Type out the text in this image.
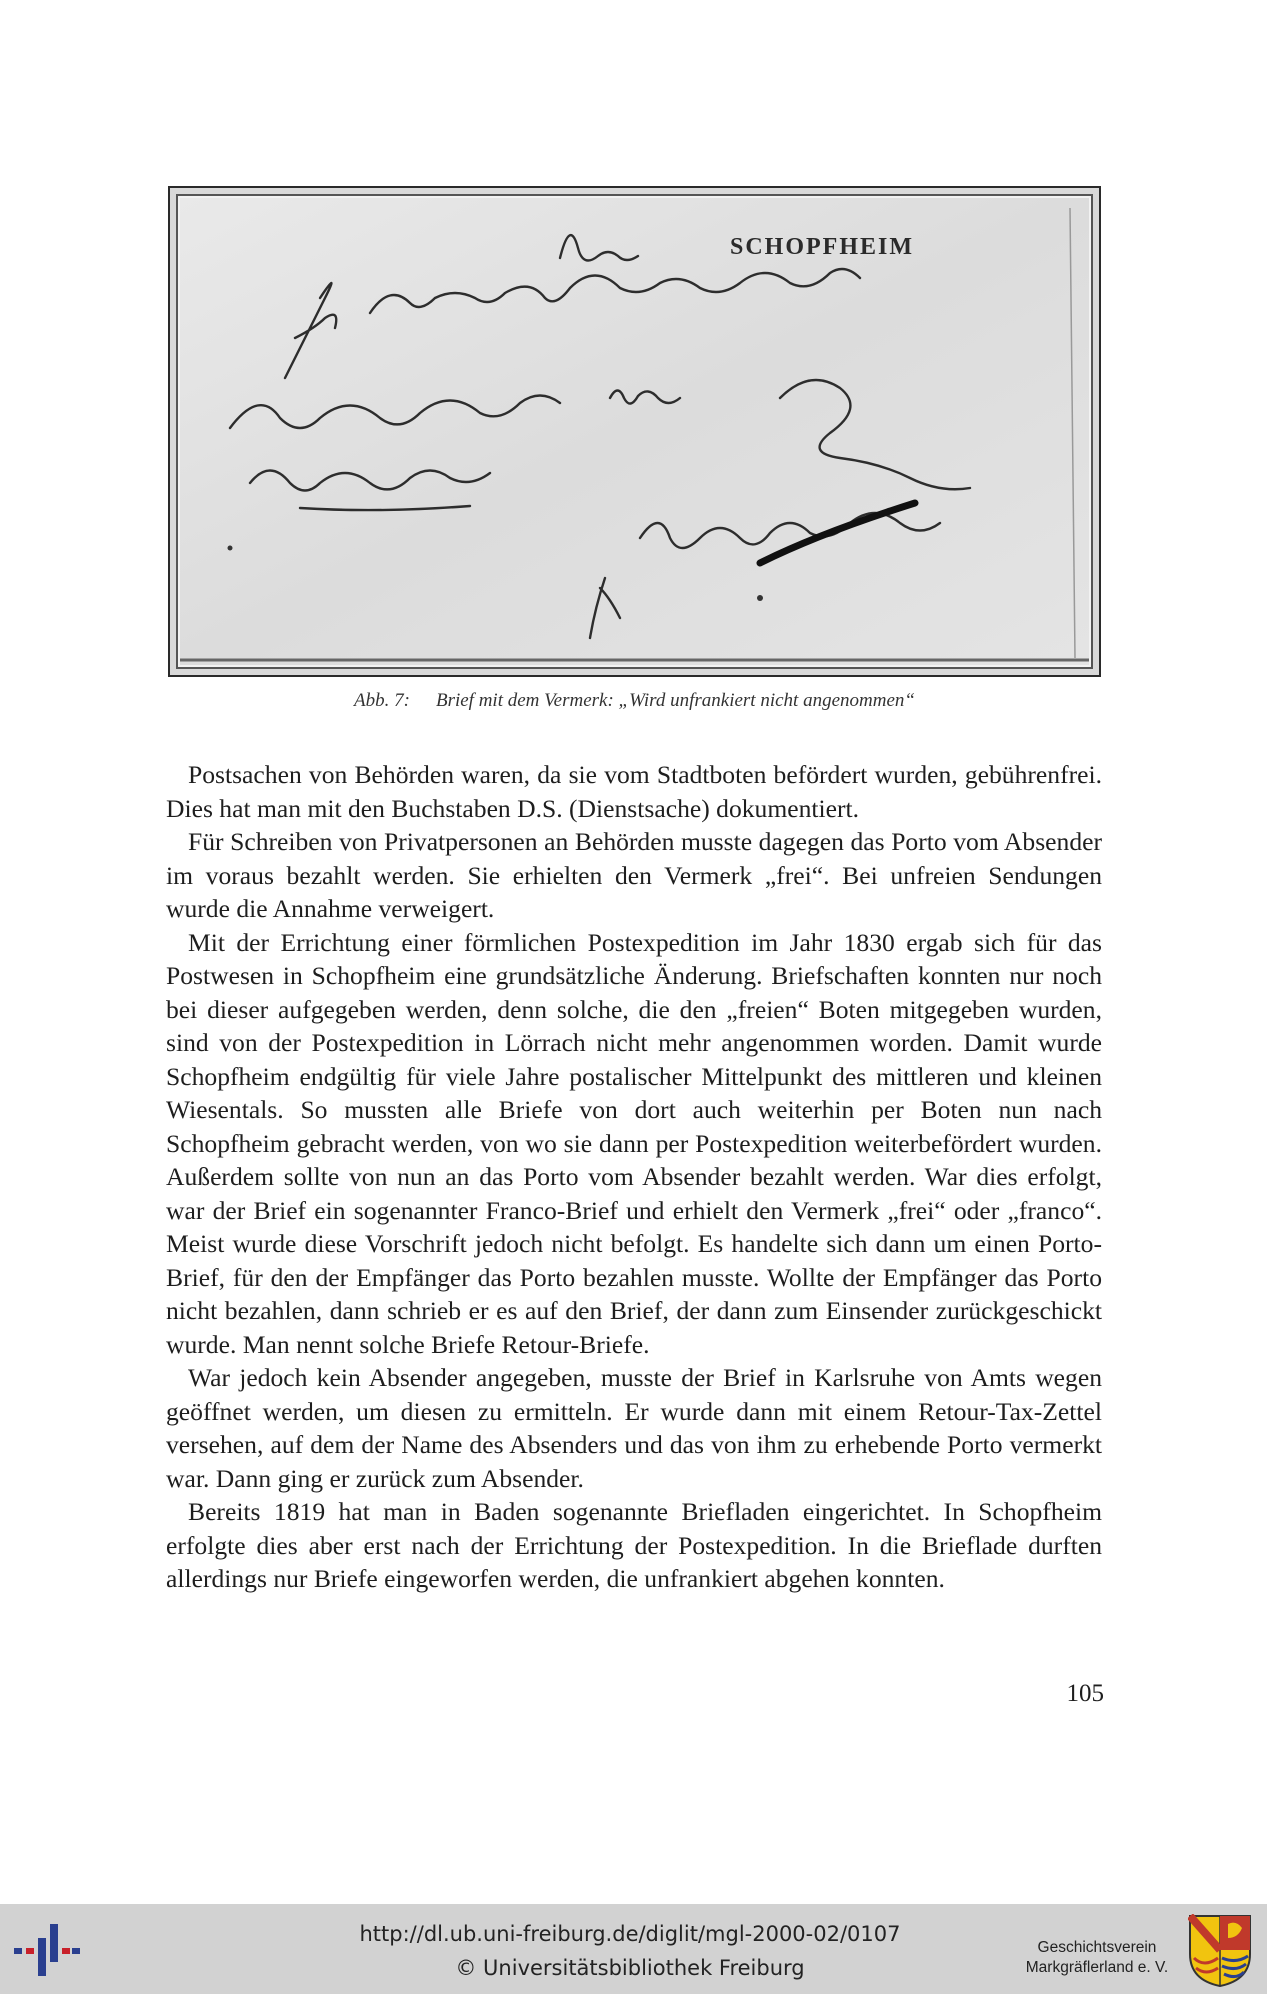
SCHOPFHEIM
Abb. 7: Brief mit dem Vermerk: „Wird unfrankiert nicht angenommen“

Postsachen von Behörden waren, da sie vom Stadtboten befördert wurden, gebührenfrei. Dies hat man mit den Buchstaben D.S. (Dienstsache) dokumentiert.

Für Schreiben von Privatpersonen an Behörden musste dagegen das Porto vom Absender im voraus bezahlt werden. Sie erhielten den Vermerk „frei“. Bei unfreien Sendungen wurde die Annahme verweigert.

Mit der Errichtung einer förmlichen Postexpedition im Jahr 1830 ergab sich für das Postwesen in Schopfheim eine grundsätzliche Änderung. Briefschaften konnten nur noch bei dieser aufgegeben werden, denn solche, die den „freien“ Boten mitgegeben wurden, sind von der Postexpedition in Lörrach nicht mehr angenommen worden. Damit wurde Schopfheim endgültig für viele Jahre postalischer Mittelpunkt des mittleren und kleinen Wiesentals. So mussten alle Briefe von dort auch weiterhin per Boten nun nach Schopfheim gebracht werden, von wo sie dann per Postexpedition weiterbefördert wurden. Außerdem sollte von nun an das Porto vom Absender bezahlt werden. War dies erfolgt, war der Brief ein sogenannter Franco-Brief und erhielt den Vermerk „frei“ oder „franco“. Meist wurde diese Vorschrift jedoch nicht befolgt. Es handelte sich dann um einen Porto-Brief, für den der Empfänger das Porto bezahlen musste. Wollte der Empfänger das Porto nicht bezahlen, dann schrieb er es auf den Brief, der dann zum Einsender zurückgeschickt wurde. Man nennt solche Briefe Retour-Briefe.

War jedoch kein Absender angegeben, musste der Brief in Karlsruhe von Amts wegen geöffnet werden, um diesen zu ermitteln. Er wurde dann mit einem Retour-Tax-Zettel versehen, auf dem der Name des Absenders und das von ihm zu erhebende Porto vermerkt war. Dann ging er zurück zum Absender.

Bereits 1819 hat man in Baden sogenannte Briefladen eingerichtet. In Schopfheim erfolgte dies aber erst nach der Errichtung der Postexpedition. In die Brieflade durften allerdings nur Briefe eingeworfen werden, die unfrankiert abgehen konnten.

105
http://dl.ub.uni-freiburg.de/diglit/mgl-2000-02/0107
© Universitätsbibliothek Freiburg
Geschichtsverein
Markgräflerland e. V.
